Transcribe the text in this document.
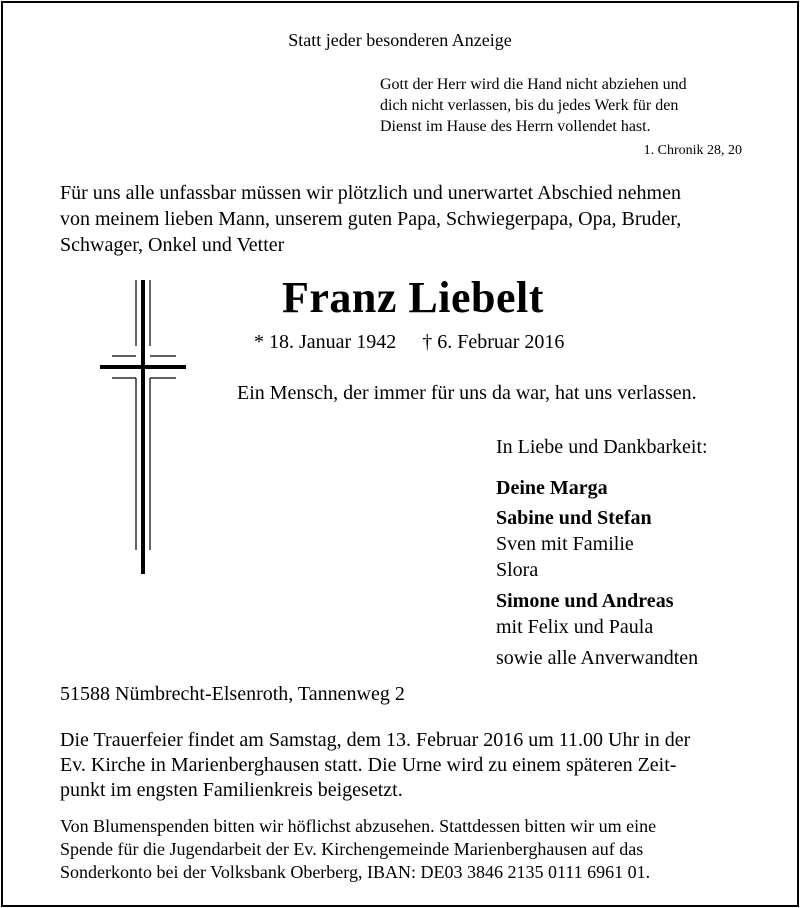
Statt jeder besonderen Anzeige
Gott der Herr wird die Hand nicht abziehen und
dich nicht verlassen, bis du jedes Werk für den
Dienst im Hause des Herrn vollendet hast.
1. Chronik 28, 20
Für uns alle unfassbar müssen wir plötzlich und unerwartet Abschied nehmen
von meinem lieben Mann, unserem guten Papa, Schwiegerpapa, Opa, Bruder,
Schwager, Onkel und Vetter
Franz Liebelt
* 18. Januar 1942 † 6. Februar 2016
Ein Mensch, der immer für uns da war, hat uns verlassen.
In Liebe und Dankbarkeit:
Deine Marga
Sabine und Stefan
Sven mit Familie
Slora
Simone und Andreas
mit Felix und Paula
sowie alle Anverwandten
51588 Nümbrecht-Elsenroth, Tannenweg 2
Die Trauerfeier findet am Samstag, dem 13. Februar 2016 um 11.00 Uhr in der
Ev. Kirche in Marienberghausen statt. Die Urne wird zu einem späteren Zeit-
punkt im engsten Familienkreis beigesetzt.
Von Blumenspenden bitten wir höflichst abzusehen. Stattdessen bitten wir um eine
Spende für die Jugendarbeit der Ev. Kirchengemeinde Marienberghausen auf das
Sonderkonto bei der Volksbank Oberberg, IBAN: DE03 3846 2135 0111 6961 01.
